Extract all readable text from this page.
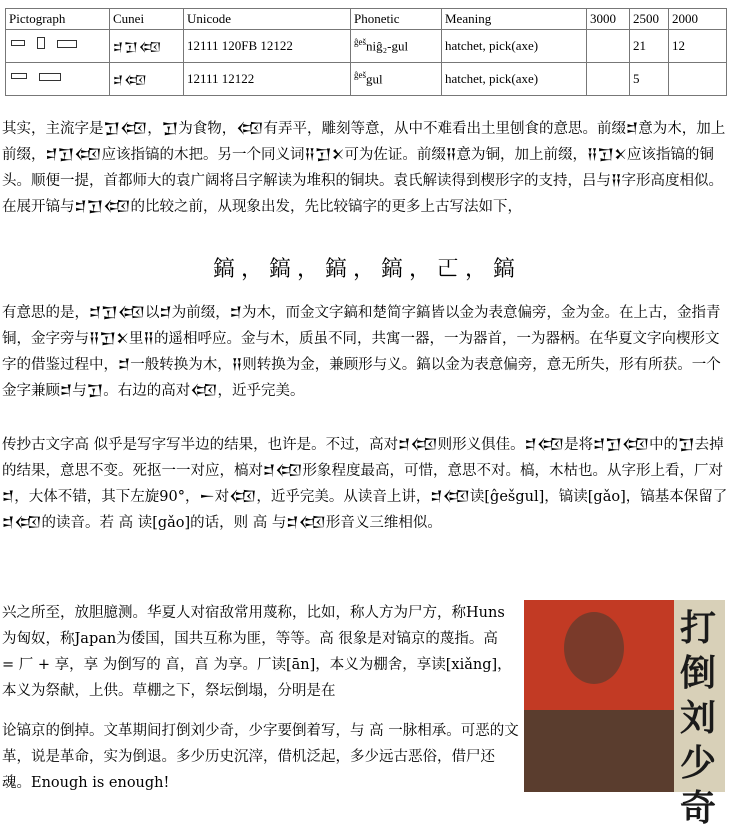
Pictograph	Cunei	Unicode	Phonetic	Meaning	3000	2500	2000

	𒄑𒋛𒄢	12111 120FB 12122	$^{ĝeš}$niĝ₂-gul	hatchet, pick(axe)		21	12

	𒄑𒄢	12111 12122	$^{ĝeš}$gul	hatchet, pick(axe)		5	

其实，主流字是𒋛𒄢，𒋛为食物，𒄢有弄平，雕刻等意，从中不难看出土里刨食的意思。前缀𒄑意为木，加上前缀，𒄑𒋛𒄢应该指镐的木把。另一个同义词𒍝𒋛𒉽可为佐证。前缀𒍝意为铜，加上前缀，𒍝𒋛𒉽应该指镐的铜头。顺便一提，首都师大的袁广阔将吕字解读为堆积的铜块。袁氏解读得到楔形字的支持，吕与𒍝字形高度相似。在展开镐与𒄑𒋛𒄢的比较之前，从现象出发，先比较镐字的更多上古写法如下，

鎬，鎬，鎬，鎬，𠀀，鎬

有意思的是，𒄑𒋛𒄢以𒄑为前缀，𒄑为木，而金文字鎬和楚简字鎬皆以金为表意偏旁，金为金。在上古，金指青铜，金字旁与𒍝𒋛𒉽里𒍝的遥相呼应。金与木，质虽不同，共寓一器，一为器首，一为器柄。在华夏文字向楔形文字的借鉴过程中，𒄑一般转换为木，𒍝则转换为金，兼顾形与义。鎬以金为表意偏旁，意无所失，形有所获。一个金字兼顾𒄑与𒋛。右边的高对𒄢，近乎完美。

传抄古文字高 似乎是写字写半边的结果，也许是。不过，高对𒄑𒄢则形义俱佳。𒄑𒄢是将𒄑𒋛𒄢中的𒋛去掉的结果，意思不变。死抠一一对应，槁对𒄑𒄢形象程度最高，可惜，意思不对。槁，木枯也。从字形上看，厂对𒄑，大体不错，其下左旋90°，𒀸对𒄢，近乎完美。从读音上讲，𒄑𒄢读[ĝešgul]，镐读[gǎo]，镐基本保留了𒄑𒄢的读音。若 高 读[gǎo]的话，则 高 与𒄑𒄢形音义三维相似。

兴之所至，放胆臆测。华夏人对宿敌常用蔑称，比如，称人方为尸方，称Huns为匈奴，称Japan为倭国，国共互称为匪，等等。高 很象是对镐京的蔑指。高 = 厂 + 享，享 为倒写的 亯，亯 为享。厂读[ān]，本义为棚舍，享读[xiǎng]，本义为祭献，上供。草棚之下，祭坛倒塌，分明是在

论镐京的倒掉。文革期间打倒刘少奇，少字要倒着写，与 高 一脉相承。可恶的文革，说是革命，实为倒退。多少历史沉滓，借机泛起，多少远古恶俗，借尸还魂。Enough is enough!

打倒刘少奇
